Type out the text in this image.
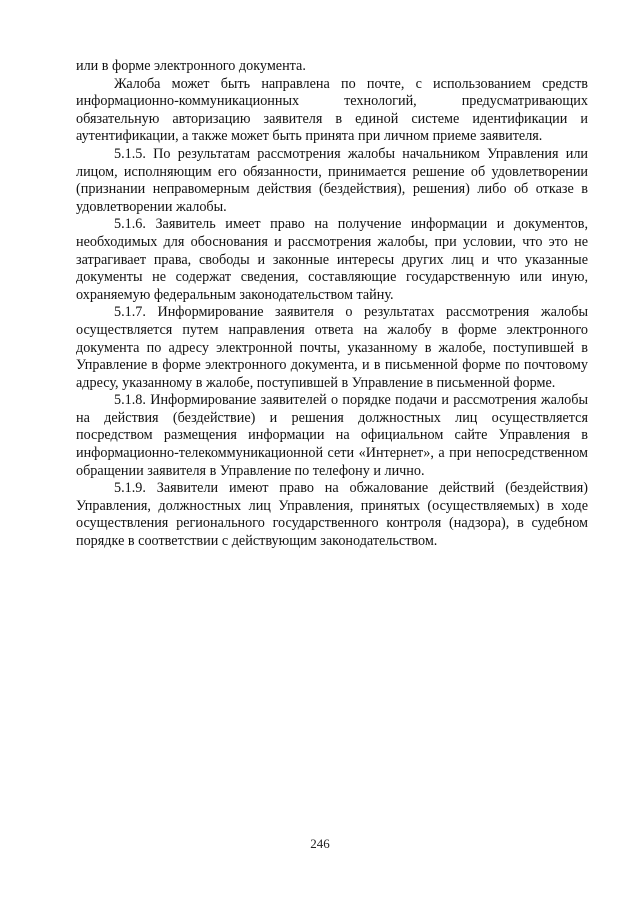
или в форме электронного документа.

Жалоба может быть направлена по почте, с использованием средств информационно-коммуникационных технологий, предусматривающих обязательную авторизацию заявителя в единой системе идентификации и аутентификации, а также может быть принята при личном приеме заявителя.

5.1.5. По результатам рассмотрения жалобы начальником Управления или лицом, исполняющим его обязанности, принимается решение об удовлетворении (признании неправомерным действия (бездействия), решения) либо об отказе в удовлетворении жалобы.

5.1.6. Заявитель имеет право на получение информации и документов, необходимых для обоснования и рассмотрения жалобы, при условии, что это не затрагивает права, свободы и законные интересы других лиц и что указанные документы не содержат сведения, составляющие государственную или иную, охраняемую федеральным законодательством тайну.

5.1.7. Информирование заявителя о результатах рассмотрения жалобы осуществляется путем направления ответа на жалобу в форме электронного документа по адресу электронной почты, указанному в жалобе, поступившей в Управление в форме электронного документа, и в письменной форме по почтовому адресу, указанному в жалобе, поступившей в Управление в письменной форме.

5.1.8. Информирование заявителей о порядке подачи и рассмотрения жалобы на действия (бездействие) и решения должностных лиц осуществляется посредством размещения информации на официальном сайте Управления в информационно-телекоммуникационной сети «Интернет», а при непосредственном обращении заявителя в Управление по телефону и лично.

5.1.9. Заявители имеют право на обжалование действий (бездействия) Управления, должностных лиц Управления, принятых (осуществляемых) в ходе осуществления регионального государственного контроля (надзора), в судебном порядке в соответствии с действующим законодательством.

246
